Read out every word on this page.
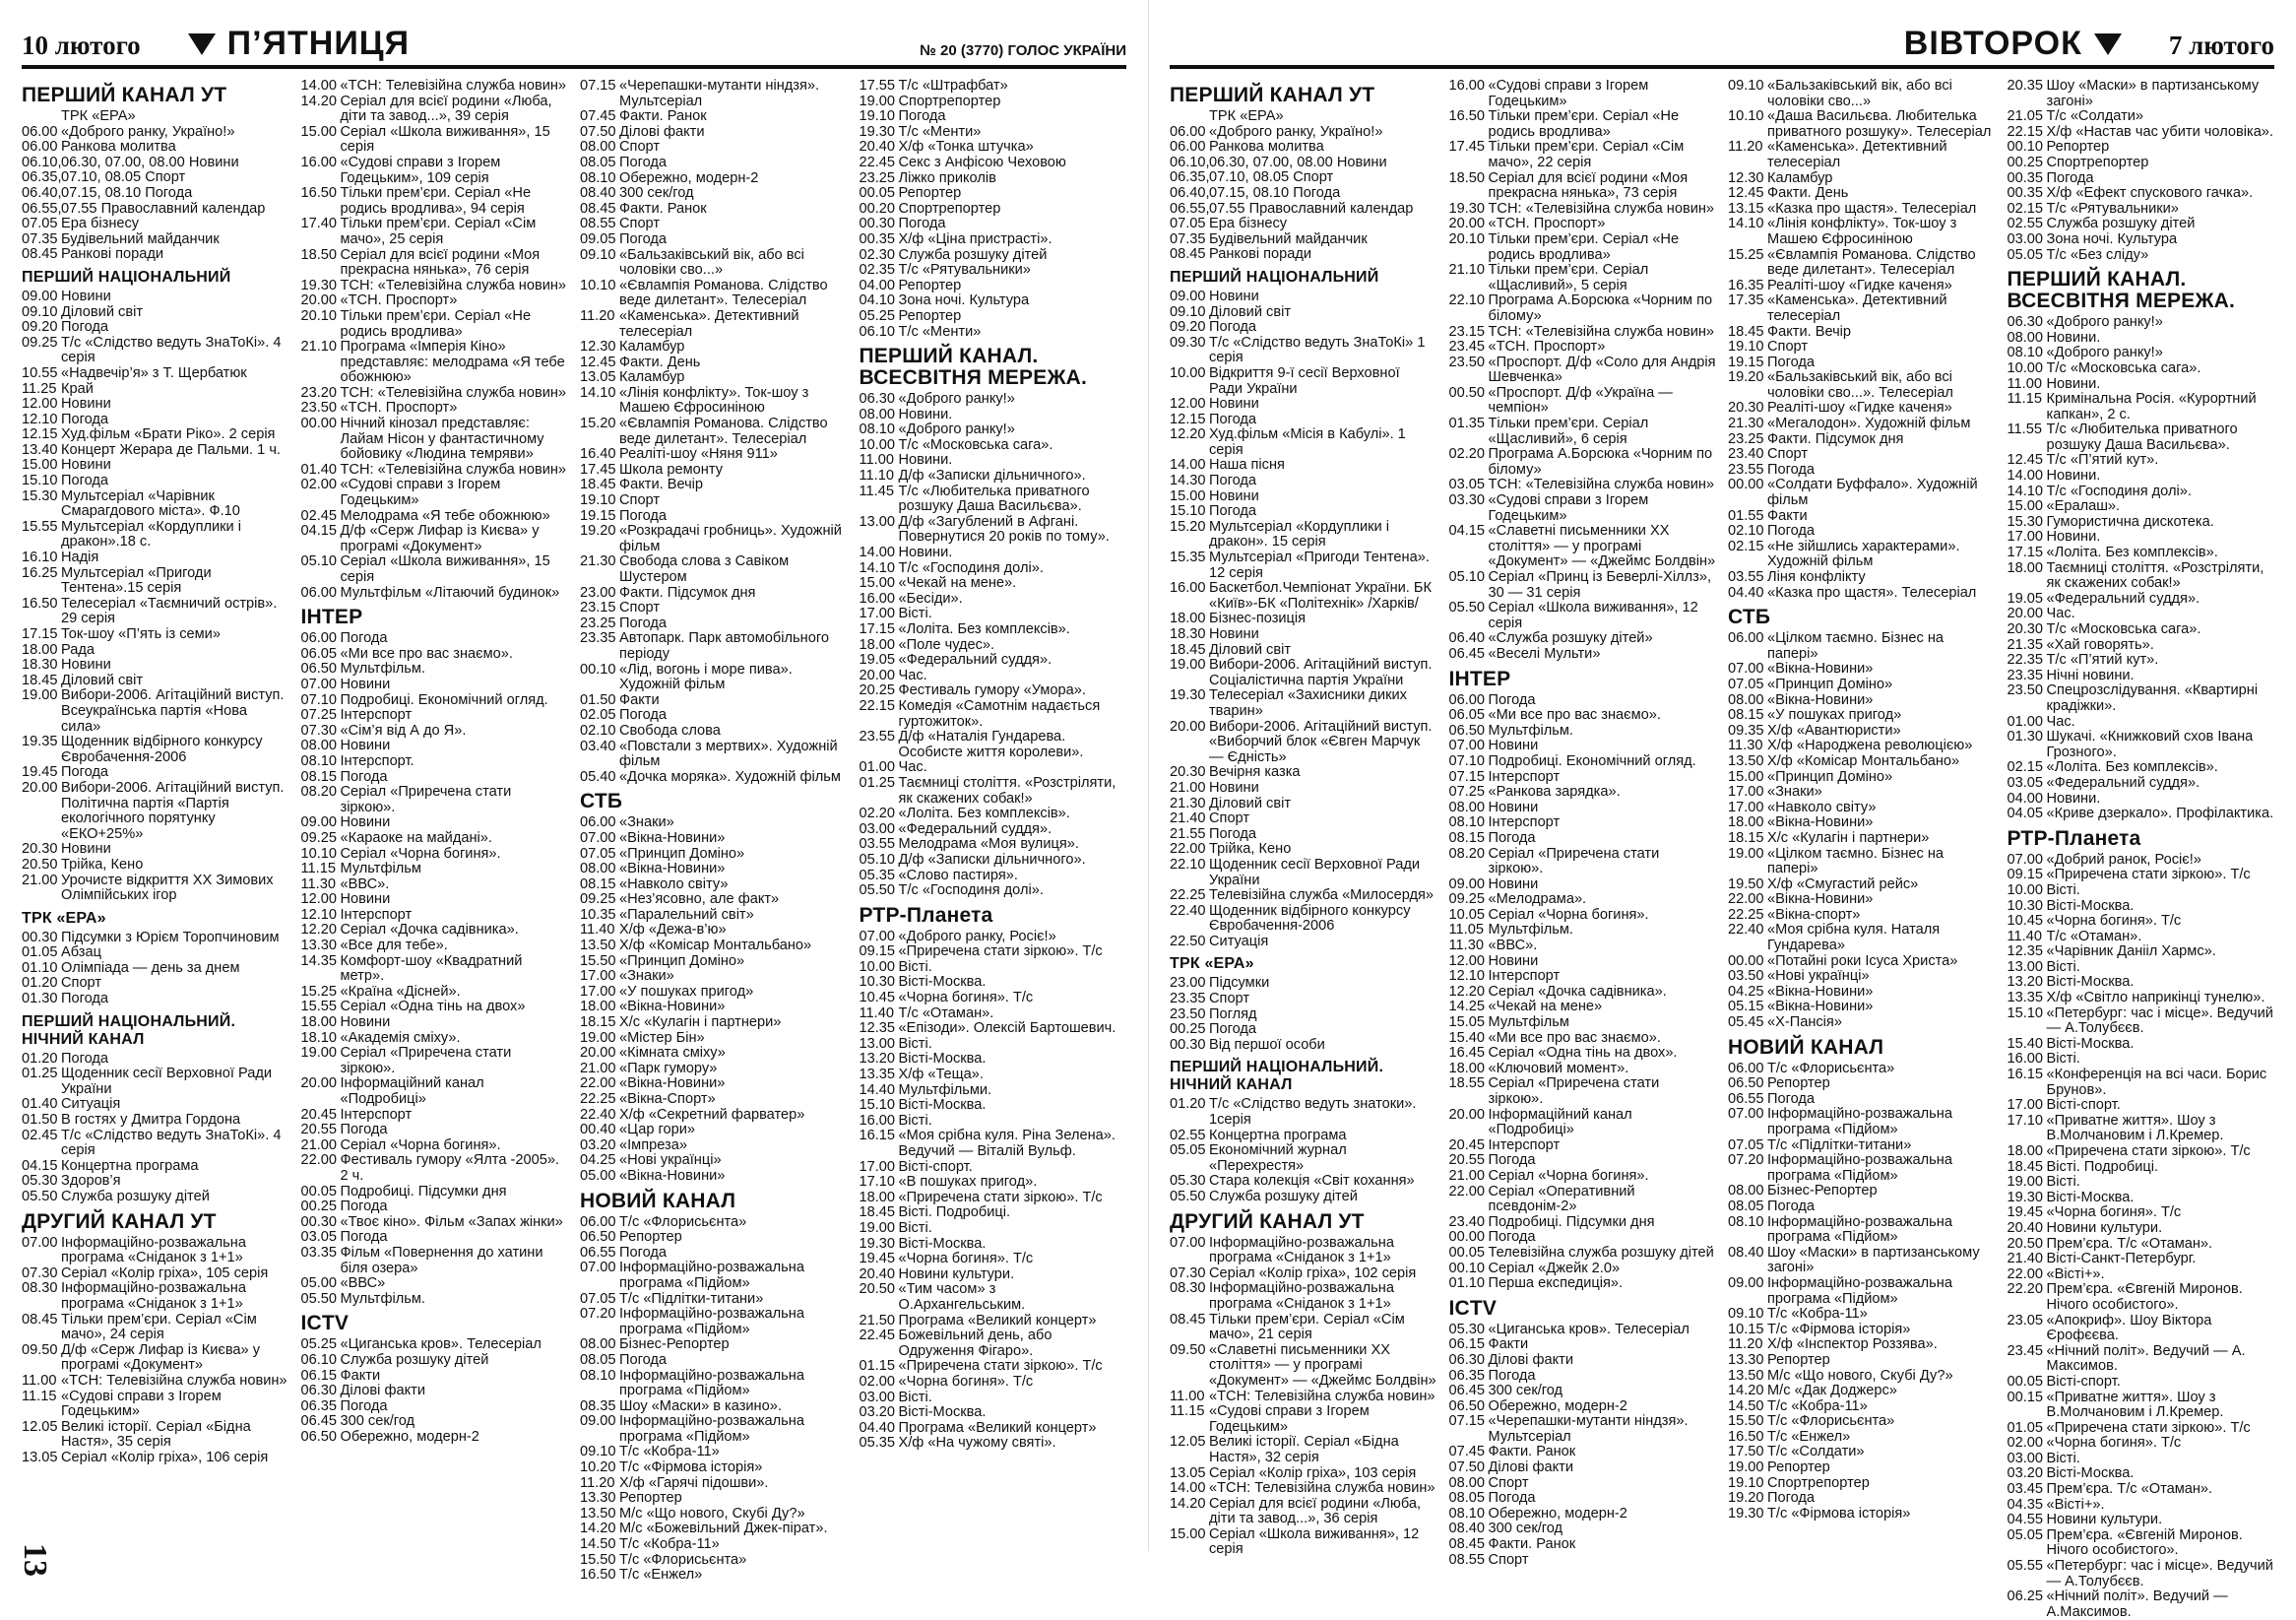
10 лютого	П’ЯТНИЦЯ	№ 20 (3770) ГОЛОС УКРАЇНИ
ПЕРШИЙ КАНАЛ УТ
ТРК «ЕРА»
06.00 «Доброго ранку, Україно!»
06.00 Ранкова молитва
06.10, 06.30, 07.00, 08.00 Новини
06.35, 07.10, 08.05 Спорт
06.40, 07.15, 08.10 Погода
06.55, 07.55 Православний календар
07.05 Ера бізнесу
07.35 Будівельний майданчик
08.45 Ранкові поради
ПЕРШИЙ НАЦІОНАЛЬНИЙ
09.00 Новини
09.10 Діловий світ
09.20 Погода
09.25 Т/с «Слідство ведуть ЗнаТоКі». 4 серія
10.55 «Надвечір’я» з Т. Щербатюк
11.25 Край
12.00 Новини
12.10 Погода
12.15 Худ.фільм «Брати Ріко». 2 серія
13.40 Концерт Жерара де Пальми. 1 ч.
15.00 Новини
15.10 Погода
15.30 Мультсеріал «Чарівник Смарагдового міста». Ф.10
15.55 Мультсеріал «Кордуплики і дракон».18 с.
16.10 Надія
16.25 Мультсеріал «Пригоди Тентена».15 серія
16.50 Телесеріал «Таємничий острів». 29 серія
17.15 Ток-шоу «П’ять із семи»
18.00 Рада
18.30 Новини
18.45 Діловий світ
19.00 Вибори-2006. Агітаційний виступ. Всеукраїнська партія «Нова сила»
19.35 Щоденник відбірного конкурсу Євробачення-2006
19.45 Погода
20.00 Вибори-2006. Агітаційний виступ. Політична партія «Партія екологічного порятунку «ЕКО+25%»
20.30 Новини
20.50 Трійка, Кено
21.00 Урочисте відкриття XX Зимових Олімпійських ігор
ТРК «ЕРА»
00.30 Підсумки з Юрієм Торопчиновим
01.05 Абзац
01.10 Олімпіада — день за днем
01.20 Спорт
01.30 Погода
ПЕРШИЙ НАЦІОНАЛЬНИЙ. НІЧНИЙ КАНАЛ
01.20 Погода
01.25 Щоденник сесії Верховної Ради України
01.40 Ситуація
01.50 В гостях у Дмитра Гордона
02.45 Т/с «Слідство ведуть ЗнаТоКі». 4 серія
04.15 Концертна програма
05.30 Здоров’я
05.50 Служба розшуку дітей
ДРУГИЙ КАНАЛ УТ
07.00 Інформаційно-розважальна програма «Сніданок з 1+1»
07.30 Серіал «Колір гріха», 105 серія
08.30 Інформаційно-розважальна програма «Сніданок з 1+1»
08.45 Тільки прем’єри. Серіал «Сім мачо», 24 серія
09.50 Д/ф «Серж Лифар із Києва» у програмі «Документ»
11.00 «ТСН: Телевізійна служба новин»
11.15 «Судові справи з Ігорем Годецьким»
12.05 Великі історії. Серіал «Бідна Настя», 35 серія
13.05 Серіал «Колір гріха», 106 серія
14.00 «ТСН: Телевізійна служба новин»
14.20 Серіал для всієї родини «Люба, діти та завод...», 39 серія
15.00 Серіал «Школа виживання», 15 серія
16.00 «Судові справи з Ігорем Годецьким», 109 серія
16.50 Тільки прем’єри. Серіал «Не родись вродлива», 94 серія
17.40 Тільки прем’єри. Серіал «Сім мачо», 25 серія
18.50 Серіал для всієї родини «Моя прекрасна нянька», 76 серія
19.30 ТСН: «Телевізійна служба новин»
20.00 «ТСН. Проспорт»
20.10 Тільки прем’єри. Серіал «Не родись вродлива»
21.10 Програма «Імперія Кіно» представляє: мелодрама «Я тебе обожнюю»
23.20 ТСН: «Телевізійна служба новин»
23.50 «ТСН. Проспорт»
00.00 Нічний кінозал представляє: Лайам Нісон у фантастичному бойовику «Людина темряви»
01.40 ТСН: «Телевізійна служба новин»
02.00 «Судові справи з Ігорем Годецьким»
02.45 Мелодрама «Я тебе обожнюю»
04.15 Д/ф «Серж Лифар із Києва» у програмі «Документ»
05.10 Серіал «Школа виживання», 15 серія
06.00 Мультфільм «Літаючий будинок»
ІНТЕР
06.00 Погода
06.05 «Ми все про вас знаємо».
06.50 Мультфільм.
07.00 Новини
07.10 Подробиці. Економічний огляд.
07.25 Інтерспорт
07.30 «Сім’я від А до Я».
08.00 Новини
08.10 Інтерспорт.
08.15 Погода
08.20 Серіал «Приречена стати зіркою».
09.00 Новини
09.25 «Караоке на майдані».
10.10 Серіал «Чорна богиня».
11.15 Мультфільм
11.30 «ВВС».
12.00 Новини
12.10 Інтерспорт
12.20 Серіал «Дочка садівника».
13.30 «Все для тебе».
14.35 Комфорт-шоу «Квадратний метр».
15.25 «Країна «Дісней».
15.55 Серіал «Одна тінь на двох»
18.00 Новини
18.10 «Академія сміху».
19.00 Серіал «Приречена стати зіркою».
20.00 Інформаційний канал «Подробиці»
20.45 Інтерспорт
20.55 Погода
21.00 Серіал «Чорна богиня».
22.00 Фестиваль гумору «Ялта -2005». 2 ч.
00.05 Подробиці. Підсумки дня
00.25 Погода
00.30 «Твоє кіно». Фільм «Запах жінки»
03.05 Погода
03.35 Фільм «Повернення до хатини біля озера»
05.00 «ВВС»
05.50 Мультфільм.
ICTV
05.25 «Циганська кров». Телесеріал
06.10 Служба розшуку дітей
06.15 Факти
06.30 Ділові факти
06.35 Погода
06.45 300 сек/год
06.50 Обережно, модерн-2
07.15 «Черепашки-мутанти ніндзя». Мультсеріал
07.45 Факти. Ранок
07.50 Ділові факти
08.00 Спорт
08.05 Погода
08.10 Обережно, модерн-2
08.40 300 сек/год
08.45 Факти. Ранок
08.55 Спорт
09.05 Погода
09.10 «Бальзаківський вік, або всі чоловіки сво...»
10.10 «Євлампія Романова. Слідство веде дилетант». Телесеріал
11.20 «Каменська». Детективний телесеріал
12.30 Каламбур
12.45 Факти. День
13.05 Каламбур
14.10 «Лінія конфлікту». Ток-шоу з Машею Єфросиніною
15.20 «Євлампія Романова. Слідство веде дилетант». Телесеріал
16.40 Реаліті-шоу «Няня 911»
17.45 Школа ремонту
18.45 Факти. Вечір
19.10 Спорт
19.15 Погода
19.20 «Розкрадачі гробниць». Художній фільм
21.30 Свобода слова з Савіком Шустером
23.00 Факти. Підсумок дня
23.15 Спорт
23.25 Погода
23.35 Автопарк. Парк автомобільного періоду
00.10 «Лід, вогонь і море пива». Художній фільм
01.50 Факти
02.05 Погода
02.10 Свобода слова
03.40 «Повстали з мертвих». Художній фільм
05.40 «Дочка моряка». Художній фільм
СТБ
06.00 «Знаки»
07.00 «Вікна-Новини»
07.05 «Принцип Доміно»
08.00 «Вікна-Новини»
08.15 «Навколо світу»
09.25 «Нез’ясовно, але факт»
10.35 «Паралельний світ»
11.40 Х/ф «Дежа-в’ю»
13.50 Х/ф «Комісар Монтальбано»
15.50 «Принцип Доміно»
17.00 «Знаки»
17.00 «У пошуках пригод»
18.00 «Вікна-Новини»
18.15 Х/с «Кулагін і партнери»
19.00 «Містер Бін»
20.00 «Кімната сміху»
21.00 «Парк гумору»
22.00 «Вікна-Новини»
22.25 «Вікна-Спорт»
22.40 Х/ф «Секретний фарватер»
00.40 «Цар гори»
03.20 «Імпреза»
04.25 «Нові українці»
05.00 «Вікна-Новини»
НОВИЙ КАНАЛ
06.00 Т/с «Флорисьєнта»
06.50 Репортер
06.55 Погода
07.00 Інформаційно-розважальна програма «Підйом»
07.05 Т/с «Підлітки-титани»
07.20 Інформаційно-розважальна програма «Підйом»
08.00 Бізнес-Репортер
08.05 Погода
08.10 Інформаційно-розважальна програма «Підйом»
08.35 Шоу «Маски» в казино».
09.00 Інформаційно-розважальна програма «Підйом»
09.10 Т/с «Кобра-11»
10.20 Т/с «Фірмова історія»
11.20 Х/ф «Гарячі підошви».
13.30 Репортер
13.50 М/с «Що нового, Скубі Ду?»
14.20 М/с «Божевільний Джек-пірат».
14.50 Т/с «Кобра-11»
15.50 Т/с «Флорисьєнта»
16.50 Т/с «Енжел»
17.55 Т/с «Штрафбат»
19.00 Спортрепортер
19.10 Погода
19.30 Т/с «Менти»
20.40 Х/ф «Тонка штучка»
22.45 Секс з Анфісою Чеховою
23.25 Ліжко приколів
00.05 Репортер
00.20 Спортрепортер
00.30 Погода
00.35 Х/ф «Ціна пристрасті».
02.30 Служба розшуку дітей
02.35 Т/с «Рятувальники»
04.00 Репортер
04.10 Зона ночі. Культура
05.25 Репортер
06.10 Т/с «Менти»
ПЕРШИЙ КАНАЛ. ВСЕСВІТНЯ МЕРЕЖА.
06.30 «Доброго ранку!»
08.00 Новини.
08.10 «Доброго ранку!»
10.00 Т/с «Московська сага».
11.00 Новини.
11.10 Д/ф «Записки дільничного».
11.45 Т/с «Любителька приватного розшуку Даша Васильєва».
13.00 Д/ф «Загублений в Афгані. Повернутися 20 років по тому».
14.00 Новини.
14.10 Т/с «Господиня долі».
15.00 «Чекай на мене».
16.00 «Бесіди».
17.00 Вісті.
17.15 «Лоліта. Без комплексів».
18.00 «Поле чудес».
19.05 «Федеральний суддя».
20.00 Час.
20.25 Фестиваль гумору «Умора».
22.15 Комедія «Самотнім надається гуртожиток».
23.55 Д/ф «Наталія Гундарева. Особисте життя королеви».
01.00 Час.
01.25 Таємниці століття. «Розстріляти, як скажених собак!»
02.20 «Лоліта. Без комплексів».
03.00 «Федеральний суддя».
03.55 Мелодрама «Моя вулиця».
05.10 Д/ф «Записки дільничного».
05.35 «Слово пастиря».
05.50 Т/с «Господиня долі».
РТР-Планета
07.00 «Доброго ранку, Росіє!»
09.15 «Приречена стати зіркою». Т/с
10.00 Вісті.
10.30 Вісті-Москва.
10.45 «Чорна богиня». Т/с
11.40 Т/с «Отаман».
12.35 «Епізоди». Олексій Бартошевич.
13.00 Вісті.
13.20 Вісті-Москва.
13.35 Х/ф «Теща».
14.40 Мультфільми.
15.10 Вісті-Москва.
16.00 Вісті.
16.15 «Моя срібна куля. Ріна Зелена». Ведучий — Віталій Вульф.
17.00 Вісті-спорт.
17.10 «В пошуках пригод».
18.00 «Приречена стати зіркою». Т/с
18.45 Вісті. Подробиці.
19.00 Вісті.
19.30 Вісті-Москва.
19.45 «Чорна богиня». Т/с
20.40 Новини культури.
20.50 «Тим часом» з О.Архангельським.
21.50 Програма «Великий концерт»
22.45 Божевільний день, або Одруження Фігаро».
01.15 «Приречена стати зіркою». Т/с
02.00 «Чорна богиня». Т/с
03.00 Вісті.
03.20 Вісті-Москва.
04.40 Програма «Великий концерт»
05.35 Х/ф «На чужому святі».
13
ВІВТОРОК	7 лютого
ПЕРШИЙ КАНАЛ УТ
ТРК «ЕРА»
06.00 «Доброго ранку, Україно!»
06.00 Ранкова молитва
06.10, 06.30, 07.00, 08.00 Новини
06.35, 07.10, 08.05 Спорт
06.40, 07.15, 08.10 Погода
06.55, 07.55 Православний календар
07.05 Ера бізнесу
07.35 Будівельний майданчик
08.45 Ранкові поради
ПЕРШИЙ НАЦІОНАЛЬНИЙ
09.00 Новини
09.10 Діловий світ
09.20 Погода
09.30 Т/с «Слідство ведуть ЗнаТоКі» 1 серія
10.00 Відкриття 9-ї сесії Верховної Ради України
12.00 Новини
12.15 Погода
12.20 Худ.фільм «Місія в Кабулі». 1 серія
14.00 Наша пісня
14.30 Погода
15.00 Новини
15.10 Погода
15.20 Мультсеріал «Кордуплики і дракон». 15 серія
15.35 Мультсеріал «Пригоди Тентена». 12 серія
16.00 Баскетбол.Чемпіонат України. БК «Київ»-БК «Політехнік» /Харків/
18.00 Бізнес-позиція
18.30 Новини
18.45 Діловий світ
19.00 Вибори-2006. Агітаційний виступ. Соціалістична партія України
19.30 Телесеріал «Захисники диких тварин»
20.00 Вибори-2006. Агітаційний виступ. «Виборчий блок «Євген Марчук — Єдність»
20.30 Вечірня казка
21.00 Новини
21.30 Діловий світ
21.40 Спорт
21.55 Погода
22.00 Трійка, Кено
22.10 Щоденник сесії Верховної Ради України
22.25 Телевізійна служба «Милосердя»
22.40 Щоденник відбірного конкурсу Євробачення-2006
22.50 Ситуація
ТРК «ЕРА»
23.00 Підсумки
23.35 Спорт
23.50 Погляд
00.25 Погода
00.30 Від першої особи
ПЕРШИЙ НАЦІОНАЛЬНИЙ. НІЧНИЙ КАНАЛ
01.20 Т/с «Слідство ведуть знатоки». 1серія
02.55 Концертна програма
05.05 Економічний журнал «Перехрестя»
05.30 Стара колекція «Світ кохання»
05.50 Служба розшуку дітей
ДРУГИЙ КАНАЛ УТ
07.00 Інформаційно-розважальна програма «Сніданок з 1+1»
07.30 Серіал «Колір гріха», 102 серія
08.30 Інформаційно-розважальна програма «Сніданок з 1+1»
08.45 Тільки прем’єри. Серіал «Сім мачо», 21 серія
09.50 «Славетні письменники XX століття» — у програмі «Документ» — «Джеймс Болдвін»
11.00 «ТСН: Телевізійна служба новин»
11.15 «Судові справи з Ігорем Годецьким»
12.05 Великі історії. Серіал «Бідна Настя», 32 серія
13.05 Серіал «Колір гріха», 103 серія
14.00 «ТСН: Телевізійна служба новин»
14.20 Серіал для всієї родини «Люба, діти та завод...», 36 серія
15.00 Серіал «Школа виживання», 12 серія
16.00 «Судові справи з Ігорем Годецьким»
16.50 Тільки прем’єри. Серіал «Не родись вродлива»
17.45 Тільки прем’єри. Серіал «Сім мачо», 22 серія
18.50 Серіал для всієї родини «Моя прекрасна нянька», 73 серія
19.30 ТСН: «Телевізійна служба новин»
20.00 «ТСН. Проспорт»
20.10 Тільки прем’єри. Серіал «Не родись вродлива»
21.10 Тільки прем’єри. Серіал «Щасливий», 5 серія
22.10 Програма А.Борсюка «Чорним по білому»
23.15 ТСН: «Телевізійна служба новин»
23.45 «ТСН. Проспорт»
23.50 «Проспорт. Д/ф «Соло для Андрія Шевченка»
00.50 «Проспорт. Д/ф «Україна — чемпіон»
01.35 Тільки прем’єри. Серіал «Щасливий», 6 серія
02.20 Програма А.Борсюка «Чорним по білому»
03.05 ТСН: «Телевізійна служба новин»
03.30 «Судові справи з Ігорем Годецьким»
04.15 «Славетні письменники XX століття» — у програмі «Документ» — «Джеймс Болдвін»
05.10 Серіал «Принц із Беверлі-Хіллз», 30 — 31 серія
05.50 Серіал «Школа виживання», 12 серія
06.40 «Служба розшуку дітей»
06.45 «Веселі Мульти»
ІНТЕР
06.00 Погода
06.05 «Ми все про вас знаємо».
06.50 Мультфільм.
07.00 Новини
07.10 Подробиці. Економічний огляд.
07.15 Інтерспорт
07.25 «Ранкова зарядка».
08.00 Новини
08.10 Інтерспорт
08.15 Погода
08.20 Серіал «Приречена стати зіркою».
09.00 Новини
09.25 «Мелодрама».
10.05 Серіал «Чорна богиня».
11.05 Мультфільм.
11.30 «ВВС».
12.00 Новини
12.10 Інтерспорт
12.20 Серіал «Дочка садівника».
14.25 «Чекай на мене»
15.05 Мультфільм
15.40 «Ми все про вас знаємо».
16.45 Серіал «Одна тінь на двох».
18.00 «Ключовий момент».
18.55 Серіал «Приречена стати зіркою».
20.00 Інформаційний канал «Подробиці»
20.45 Інтерспорт
20.55 Погода
21.00 Серіал «Чорна богиня».
22.00 Серіал «Оперативний псевдонім-2»
23.40 Подробиці. Підсумки дня
00.00 Погода
00.05 Телевізійна служба розшуку дітей
00.10 Серіал «Джейк 2.0»
01.10 Перша експедиція».
ICTV
05.30 «Циганська кров». Телесеріал
06.15 Факти
06.30 Ділові факти
06.35 Погода
06.45 300 сек/год
06.50 Обережно, модерн-2
07.15 «Черепашки-мутанти ніндзя». Мультсеріал
07.45 Факти. Ранок
07.50 Ділові факти
08.00 Спорт
08.05 Погода
08.10 Обережно, модерн-2
08.40 300 сек/год
08.45 Факти. Ранок
08.55 Спорт
09.10 «Бальзаківський вік, або всі чоловіки сво...»
10.10 «Даша Васильєва. Любителька приватного розшуку». Телесеріал
11.20 «Каменська». Детективний телесеріал
12.30 Каламбур
12.45 Факти. День
13.15 «Казка про щастя». Телесеріал
14.10 «Лінія конфлікту». Ток-шоу з Машею Єфросиніною
15.25 «Євлампія Романова. Слідство веде дилетант». Телесеріал
16.35 Реаліті-шоу «Гидке каченя»
17.35 «Каменська». Детективний телесеріал
18.45 Факти. Вечір
19.10 Спорт
19.15 Погода
19.20 «Бальзаківський вік, або всі чоловіки сво...». Телесеріал
20.30 Реаліті-шоу «Гидке каченя»
21.30 «Мегалодон». Художній фільм
23.25 Факти. Підсумок дня
23.40 Спорт
23.55 Погода
00.00 «Солдати Буффало». Художній фільм
01.55 Факти
02.10 Погода
02.15 «Не зійшлись характерами». Художній фільм
03.55 Ліня конфлікту
04.40 «Казка про щастя». Телесеріал
СТБ
06.00 «Цілком таємно. Бізнес на папері»
07.00 «Вікна-Новини»
07.05 «Принцип Доміно»
08.00 «Вікна-Новини»
08.15 «У пошуках пригод»
09.35 Х/ф «Авантюристи»
11.30 Х/ф «Народжена революцією»
13.50 Х/ф «Комісар Монтальбано»
15.00 «Принцип Доміно»
17.00 «Знаки»
17.00 «Навколо світу»
18.00 «Вікна-Новини»
18.15 Х/с «Кулагін і партнери»
19.00 «Цілком таємно. Бізнес на папері»
19.50 Х/ф «Смугастий рейс»
22.00 «Вікна-Новини»
22.25 «Вікна-спорт»
22.40 «Моя срібна куля. Наталя Гундарева»
00.00 «Потайні роки Ісуса Христа»
03.50 «Нові українці»
04.25 «Вікна-Новини»
05.15 «Вікна-Новини»
05.45 «Х-Пансія»
НОВИЙ КАНАЛ
06.00 Т/с «Флорисьєнта»
06.50 Репортер
06.55 Погода
07.00 Інформаційно-розважальна програма «Підйом»
07.05 Т/с «Підлітки-титани»
07.20 Інформаційно-розважальна програма «Підйом»
08.00 Бізнес-Репортер
08.05 Погода
08.10 Інформаційно-розважальна програма «Підйом»
08.40 Шоу «Маски» в партизанському загоні»
09.00 Інформаційно-розважальна програма «Підйом»
09.10 Т/с «Кобра-11»
10.15 Т/с «Фірмова історія»
11.20 Х/ф «Інспектор Роззява».
13.30 Репортер
13.50 М/с «Що нового, Скубі Ду?»
14.20 М/с «Дак Доджерс»
14.50 Т/с «Кобра-11»
15.50 Т/с «Флорисьєнта»
16.50 Т/с «Енжел»
17.50 Т/с «Солдати»
19.00 Репортер
19.10 Спортрепортер
19.20 Погода
19.30 Т/с «Фірмова історія»
20.35 Шоу «Маски» в партизанському загоні»
21.05 Т/с «Солдати»
22.15 Х/ф «Настав час убити чоловіка».
00.10 Репортер
00.25 Спортрепортер
00.35 Погода
00.35 Х/ф «Ефект спускового гачка».
02.15 Т/с «Рятувальники»
02.55 Служба розшуку дітей
03.00 Зона ночі. Культура
05.05 Т/с «Без сліду»
ПЕРШИЙ КАНАЛ. ВСЕСВІТНЯ МЕРЕЖА.
06.30 «Доброго ранку!»
08.00 Новини.
08.10 «Доброго ранку!»
10.00 Т/с «Московська сага».
11.00 Новини.
11.15 Кримінальна Росія. «Курортний капкан», 2 с.
11.55 Т/с «Любителька приватного розшуку Даша Васильєва».
12.45 Т/с «П’ятий кут».
14.00 Новини.
14.10 Т/с «Господиня долі».
15.00 «Ералаш».
15.30 Гумористична дискотека.
17.00 Новини.
17.15 «Лоліта. Без комплексів».
18.00 Таємниці століття. «Розстріляти, як скажених собак!»
19.05 «Федеральний суддя».
20.00 Час.
20.30 Т/с «Московська сага».
21.35 «Хай говорять».
22.35 Т/с «П’ятий кут».
23.35 Нічні новини.
23.50 Спецрозслідування. «Квартирні крадіжки».
01.00 Час.
01.30 Шукачі. «Книжковий схов Івана Грозного».
02.15 «Лоліта. Без комплексів».
03.05 «Федеральний суддя».
04.00 Новини.
04.05 «Криве дзеркало». Профілактика.
РТР-Планета
07.00 «Добрий ранок, Росіє!»
09.15 «Приречена стати зіркою». Т/с
10.00 Вісті.
10.30 Вісті-Москва.
10.45 «Чорна богиня». Т/с
11.40 Т/с «Отаман».
12.35 «Чарівник Данііл Хармс».
13.00 Вісті.
13.20 Вісті-Москва.
13.35 Х/ф «Світло наприкінці тунелю».
15.10 «Петербург: час і місце». Ведучий — А.Толубєєв.
15.40 Вісті-Москва.
16.00 Вісті.
16.15 «Конференція на всі часи. Борис Брунов».
17.00 Вісті-спорт.
17.10 «Приватне життя». Шоу з В.Молчановим і Л.Кремер.
18.00 «Приречена стати зіркою». Т/с
18.45 Вісті. Подробиці.
19.00 Вісті.
19.30 Вісті-Москва.
19.45 «Чорна богиня». Т/с
20.40 Новини культури.
20.50 Прем’єра. Т/с «Отаман».
21.40 Вісті-Санкт-Петербург.
22.00 «Вісті+».
22.20 Прем’єра. «Євгеній Миронов. Нічого особистого».
23.05 «Апокриф». Шоу Віктора Єрофєєва.
23.45 «Нічний політ». Ведучий — А. Максимов.
00.05 Вісті-спорт.
00.15 «Приватне життя». Шоу з В.Молчановим і Л.Кремер.
01.05 «Приречена стати зіркою». Т/с
02.00 «Чорна богиня». Т/с
03.00 Вісті.
03.20 Вісті-Москва.
03.45 Прем’єра. Т/с «Отаман».
04.35 «Вісті+».
04.55 Новини культури.
05.05 Прем’єра. «Євгеній Миронов. Нічого особистого».
05.55 «Петербург: час і місце». Ведучий — А.Толубєєв.
06.25 «Нічний політ». Ведучий — А.Максимов.
